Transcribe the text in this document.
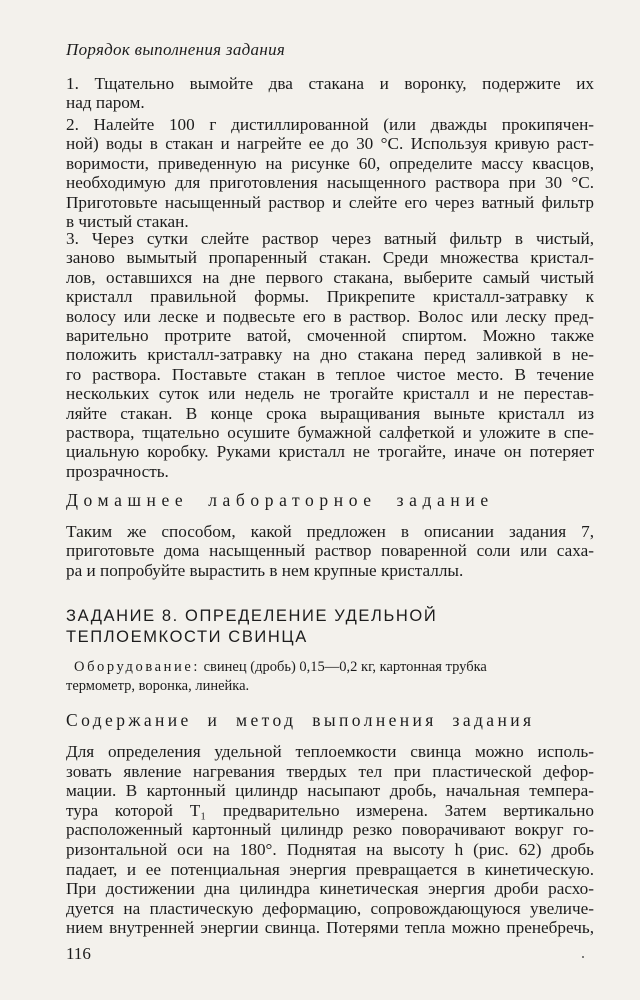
Порядок выполнения задания
1. Тщательно вымойте два стакана и воронку, подержите их
над паром.
2. Налейте 100 г дистиллированной (или дважды прокипячен-
ной) воды в стакан и нагрейте ее до 30 °С. Используя кривую раст-
воримости, приведенную на рисунке 60, определите массу квасцов,
необходимую для приготовления насыщенного раствора при 30 °С.
Приготовьте насыщенный раствор и слейте его через ватный фильтр
в чистый стакан.
3. Через сутки слейте раствор через ватный фильтр в чистый,
заново вымытый пропаренный стакан. Среди множества кристал-
лов, оставшихся на дне первого стакана, выберите самый чистый
кристалл правильной формы. Прикрепите кристалл-затравку к
волосу или леске и подвесьте его в раствор. Волос или леску пред-
варительно протрите ватой, смоченной спиртом. Можно также
положить кристалл-затравку на дно стакана перед заливкой в не-
го раствора. Поставьте стакан в теплое чистое место. В течение
нескольких суток или недель не трогайте кристалл и не перестав-
ляйте стакан. В конце срока выращивания выньте кристалл из
раствора, тщательно осушите бумажной салфеткой и уложите в спе-
циальную коробку. Руками кристалл не трогайте, иначе он потеряет
прозрачность.
Домашнее лабораторное задание
Таким же способом, какой предложен в описании задания 7,
приготовьте дома насыщенный раствор поваренной соли или саха-
ра и попробуйте вырастить в нем крупные кристаллы.
ЗАДАНИЕ 8. ОПРЕДЕЛЕНИЕ УДЕЛЬНОЙ
ТЕПЛОЕМКОСТИ СВИНЦА
Оборудование: свинец (дробь) 0,15—0,2 кг, картонная трубка
термометр, воронка, линейка.
Содержание и метод выполнения задания
Для определения удельной теплоемкости свинца можно исполь-
зовать явление нагревания твердых тел при пластической дефор-
мации. В картонный цилиндр насыпают дробь, начальная темпера-
тура которой T₁ предварительно измерена. Затем вертикально
расположенный картонный цилиндр резко поворачивают вокруг го-
ризонтальной оси на 180°. Поднятая на высоту h (рис. 62) дробь
падает, и ее потенциальная энергия превращается в кинетическую.
При достижении дна цилиндра кинетическая энергия дроби расхо-
дуется на пластическую деформацию, сопровождающуюся увеличе-
нием внутренней энергии свинца. Потерями тепла можно пренебречь,
116
